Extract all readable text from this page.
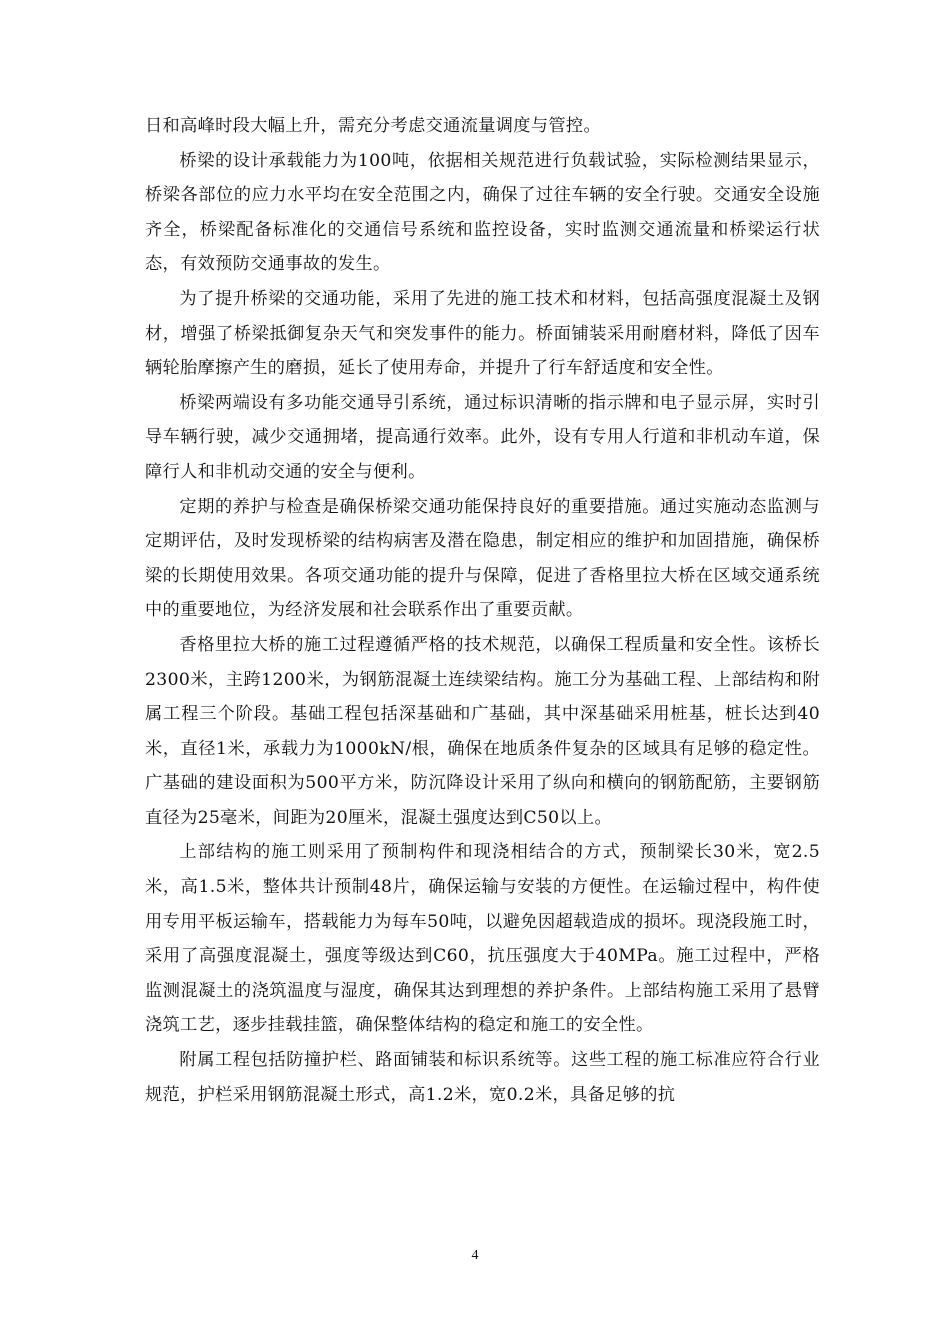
日和高峰时段大幅上升，需充分考虑交通流量调度与管控。

桥梁的设计承载能力为100吨，依据相关规范进行负载试验，实际检测结果显示，桥梁各部位的应力水平均在安全范围之内，确保了过往车辆的安全行驶。交通安全设施齐全，桥梁配备标准化的交通信号系统和监控设备，实时监测交通流量和桥梁运行状态，有效预防交通事故的发生。

为了提升桥梁的交通功能，采用了先进的施工技术和材料，包括高强度混凝土及钢材，增强了桥梁抵御复杂天气和突发事件的能力。桥面铺装采用耐磨材料，降低了因车辆轮胎摩擦产生的磨损，延长了使用寿命，并提升了行车舒适度和安全性。

桥梁两端设有多功能交通导引系统，通过标识清晰的指示牌和电子显示屏，实时引导车辆行驶，减少交通拥堵，提高通行效率。此外，设有专用人行道和非机动车道，保障行人和非机动交通的安全与便利。

定期的养护与检查是确保桥梁交通功能保持良好的重要措施。通过实施动态监测与定期评估，及时发现桥梁的结构病害及潜在隐患，制定相应的维护和加固措施，确保桥梁的长期使用效果。各项交通功能的提升与保障，促进了香格里拉大桥在区域交通系统中的重要地位，为经济发展和社会联系作出了重要贡献。

香格里拉大桥的施工过程遵循严格的技术规范，以确保工程质量和安全性。该桥长2300米，主跨1200米，为钢筋混凝土连续梁结构。施工分为基础工程、上部结构和附属工程三个阶段。基础工程包括深基础和广基础，其中深基础采用桩基，桩长达到40米，直径1米，承载力为1000kN/根，确保在地质条件复杂的区域具有足够的稳定性。广基础的建设面积为500平方米，防沉降设计采用了纵向和横向的钢筋配筋，主要钢筋直径为25毫米，间距为20厘米，混凝土强度达到C50以上。

上部结构的施工则采用了预制构件和现浇相结合的方式，预制梁长30米，宽2.5米，高1.5米，整体共计预制48片，确保运输与安装的方便性。在运输过程中，构件使用专用平板运输车，搭载能力为每车50吨，以避免因超载造成的损坏。现浇段施工时，采用了高强度混凝土，强度等级达到C60，抗压强度大于40MPa。施工过程中，严格监测混凝土的浇筑温度与湿度，确保其达到理想的养护条件。上部结构施工采用了悬臂浇筑工艺，逐步挂载挂篮，确保整体结构的稳定和施工的安全性。

附属工程包括防撞护栏、路面铺装和标识系统等。这些工程的施工标准应符合行业规范，护栏采用钢筋混凝土形式，高1.2米，宽0.2米，具备足够的抗

4
